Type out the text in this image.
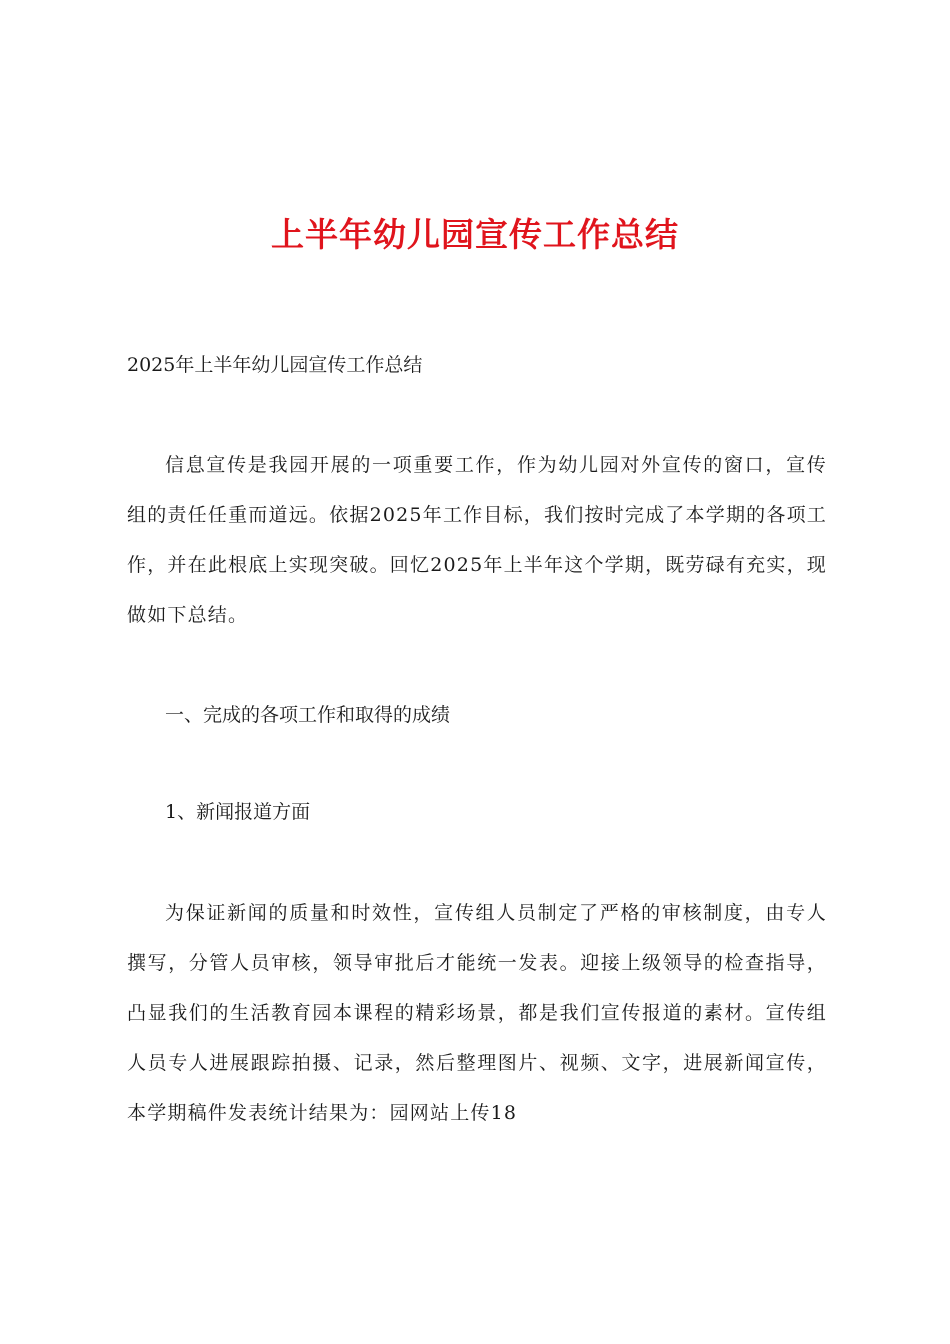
上半年幼儿园宣传工作总结

2025年上半年幼儿园宣传工作总结

信息宣传是我园开展的一项重要工作，作为幼儿园对外宣传的窗口，宣传组的责任任重而道远。依据2025年工作目标，我们按时完成了本学期的各项工作，并在此根底上实现突破。回忆2025年上半年这个学期，既劳碌有充实，现做如下总结。

一、完成的各项工作和取得的成绩

1、新闻报道方面

为保证新闻的质量和时效性，宣传组人员制定了严格的审核制度，由专人撰写，分管人员审核，领导审批后才能统一发表。迎接上级领导的检查指导，凸显我们的生活教育园本课程的精彩场景，都是我们宣传报道的素材。宣传组人员专人进展跟踪拍摄、记录，然后整理图片、视频、文字，进展新闻宣传，本学期稿件发表统计结果为：园网站上传18
